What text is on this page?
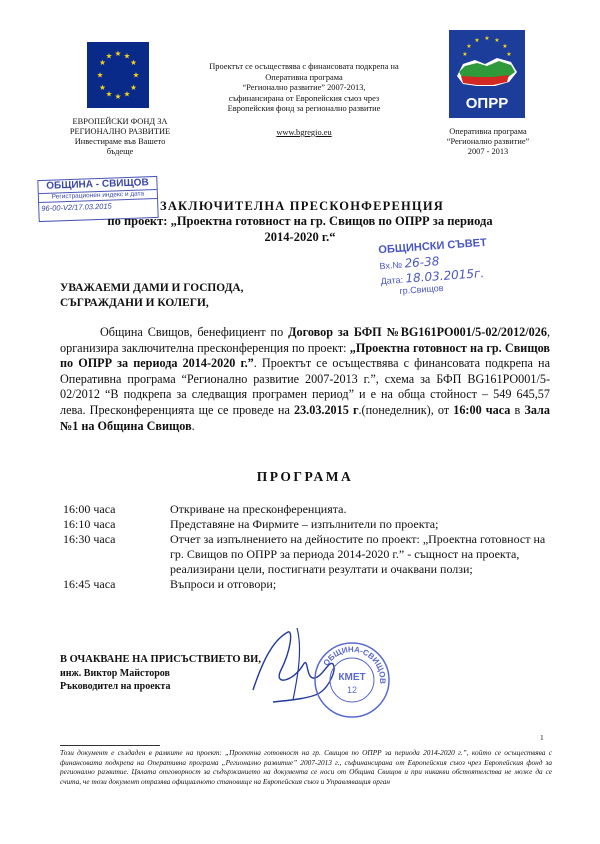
★ ★
★
★
★
★
★
★
★
★
★
★
ЕВРОПЕЙСКИ ФОНД ЗА
РЕГИОНАЛНО РАЗВИТИЕ
Инвестираме във Вашето
бъдеще
Проектът се осъществява с финансовата подкрепа на
Оперативна програма
“Регионално развитие” 2007-2013,
съфинансирана от Европейския съюз чрез
Европейския фонд за регионално развитие
www.bgregio.eu
★ ★
★
★
★
★
★
ОПРР
Оперативна програма
“Регионално развитие”
2007 - 2013
ОБЩИНА - СВИЩОВ
Регистрационен индекс и дата
96-00-V2/17.03.2015	ЗАКЛЮЧИТЕЛНА ПРЕСКОНФЕРЕНЦИЯ
по проект: „Проектна готовност на гр. Свищов по ОПРР за периода
2014-2020 г.“
ОБЩИНСКИ СЪВЕТ
Вх.№ 26-38
Дата: 18.03.2015г.
гр.Свищов
УВАЖАЕМИ ДАМИ И ГОСПОДА,
СЪГРАЖДАНИ И КОЛЕГИ,
Община Свищов, бенефициент по Договор за БФП №BG161PO001/5-02/2012/026, организира заключителна пресконференция по проект: „Проектна готовност на гр. Свищов по ОПРР за периода 2014-2020 г.”. Проектът се осъществява с финансовата подкрепа на Оперативна програма “Регионално развитие 2007-2013 г.”, схема за БФП BG161PO001/5-02/2012 “В подкрепа за следващия програмен период” и е на обща стойност – 549 645,57 лева. Пресконференцията ще се проведе на 23.03.2015 г.(понеделник), от 16:00 часа в Зала №1 на Община Свищов.
ПРОГРАМА
16:00 часа	Откриване на пресконференцията.
16:10 часа	Представяне на Фирмите – изпълнители по проекта;
16:30 часа	Отчет за изпълнението на дейностите по проект: „Проектна готовност на гр. Свищов по ОПРР за периода 2014-2020 г.” - същност на проекта, реализирани цели, постигнати резултати и очаквани ползи;
16:45 часа	Въпроси и отговори;
ОБЩИНА-СВИЩОВ
КМЕТ
12
В ОЧАКВАНЕ НА ПРИСЪСТВИЕТО ВИ,
инж. Виктор Майсторов
Ръководител на проекта
1
Този документ е създаден в рамките на проект: „Проектна готовност на гр. Свищов по ОПРР за периода 2014-2020 г.”, който се осъществява с финансовата подкрепа на Оперативна програма „Регионално развитие” 2007-2013 г., съфинансирана от Европейския съюз чрез Европейския фонд за регионално развитие. Цялата отговорност за съдържанието на документа се носи от Община Свищов и при никакви обстоятелства не може да се счита, че този документ отразява официалното становище на Европейския съюз и Управляващия орган
